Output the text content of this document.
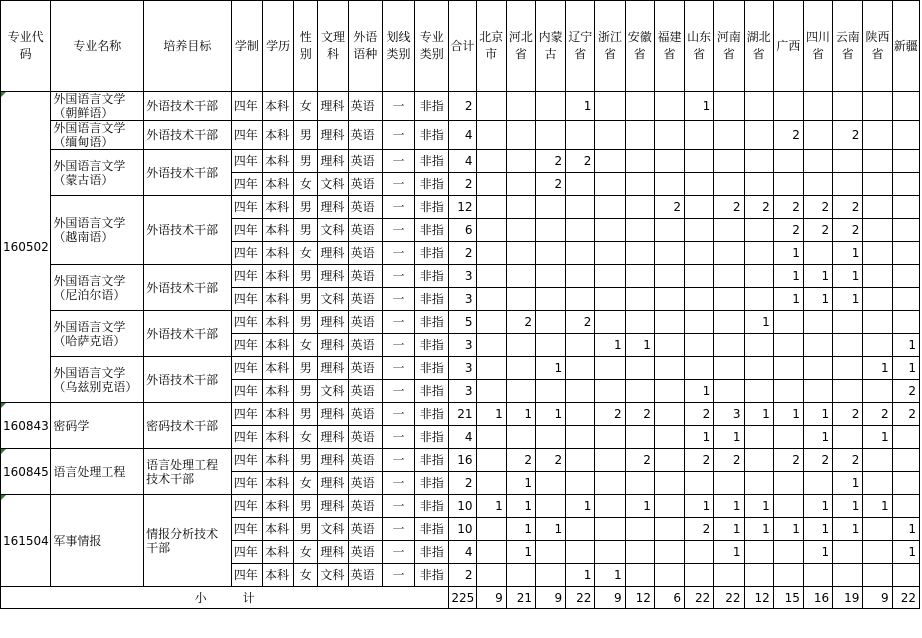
专业代码	专业名称	培养目标	学制	学历	性别	文理科	外语语种	划线类别	专业类别	合计	北京市	河北省	内蒙古	辽宁省	浙江省	安徽省	福建省	山东省	河南省	湖北省	广西	四川省	云南省	陕西省	新疆
160502	外国语言文学（朝鲜语）	外语技术干部	四年	本科	女	理科	英语	一	非指	2				1				1							
	外国语言文学（缅甸语）	外语技术干部	四年	本科	男	理科	英语	一	非指	4											2		2		
	外国语言文学（蒙古语）	外语技术干部	四年	本科	男	理科	英语	一	非指	4			2	2											
			四年	本科	女	文科	英语	一	非指	2			2												
	外国语言文学（越南语）	外语技术干部	四年	本科	男	理科	英语	一	非指	12							2		2	2	2	2	2		
			四年	本科	男	文科	英语	一	非指	6											2	2	2		
			四年	本科	女	理科	英语	一	非指	2											1		1		
	外国语言文学（尼泊尔语）	外语技术干部	四年	本科	男	理科	英语	一	非指	3											1	1	1		
			四年	本科	男	文科	英语	一	非指	3											1	1	1		
	外国语言文学（哈萨克语）	外语技术干部	四年	本科	男	理科	英语	一	非指	5		2		2						1					
			四年	本科	女	理科	英语	一	非指	3					1	1									1
	外国语言文学（乌兹别克语）	外语技术干部	四年	本科	男	理科	英语	一	非指	3			1											1	1
			四年	本科	男	文科	英语	一	非指	3								1							2
160843	密码学	密码技术干部	四年	本科	男	理科	英语	一	非指	21	1	1	1		2	2		2	3	1	1	1	2	2	2
			四年	本科	女	理科	英语	一	非指	4								1	1			1		1	
160845	语言处理工程	语言处理工程技术干部	四年	本科	男	理科	英语	一	非指	16		2	2			2		2	2		2	2	2		
			四年	本科	女	理科	英语	一	非指	2		1											1		
161504	军事情报	情报分析技术干部	四年	本科	男	理科	英语	一	非指	10	1	1		1		1		1	1	1		1	1	1	
			四年	本科	男	文科	英语	一	非指	10		1	1					2	1	1	1	1	1		1
			四年	本科	女	理科	英语	一	非指	4		1							1			1			1
			四年	本科	女	文科	英语	一	非指	2				1	1										
小　　　计										225	9	21	9	22	9	12	6	22	22	12	15	16	19	9	22
